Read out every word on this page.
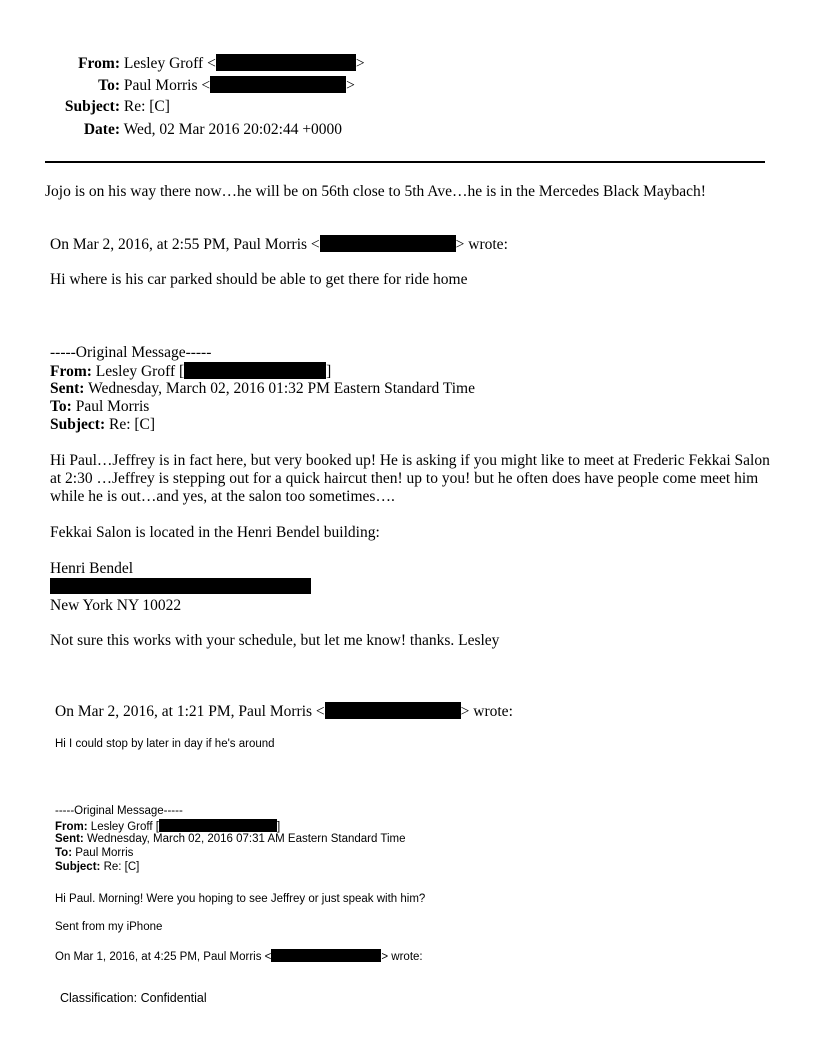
From: Lesley Groff <	>
To: Paul Morris <	>
Subject: Re: [C]
Date: Wed, 02 Mar 2016 20:02:44 +0000
Jojo is on his way there now…he will be on 56th close to 5th Ave…he is in the Mercedes Black Maybach!
On Mar 2, 2016, at 2:55 PM, Paul Morris <	> wrote:
Hi where is his car parked should be able to get there for ride home
-----Original Message-----
From: Lesley Groff [	]
Sent: Wednesday, March 02, 2016 01:32 PM Eastern Standard Time
To: Paul Morris
Subject: Re: [C]
Hi Paul…Jeffrey is in fact here, but very booked up! He is asking if you might like to meet at Frederic Fekkai Salon at 2:30 …Jeffrey is stepping out for a quick haircut then! up to you! but he often does have people come meet him while he is out…and yes, at the salon too sometimes….
Fekkai Salon is located in the Henri Bendel building:
Henri Bendel
New York NY 10022
Not sure this works with your schedule, but let me know! thanks. Lesley
On Mar 2, 2016, at 1:21 PM, Paul Morris <	> wrote:
Hi I could stop by later in day if he's around
-----Original Message-----
From: Lesley Groff [	]
Sent: Wednesday, March 02, 2016 07:31 AM Eastern Standard Time
To: Paul Morris
Subject: Re: [C]
Hi Paul. Morning! Were you hoping to see Jeffrey or just speak with him?
Sent from my iPhone
On Mar 1, 2016, at 4:25 PM, Paul Morris <	> wrote:
Classification: Confidential
